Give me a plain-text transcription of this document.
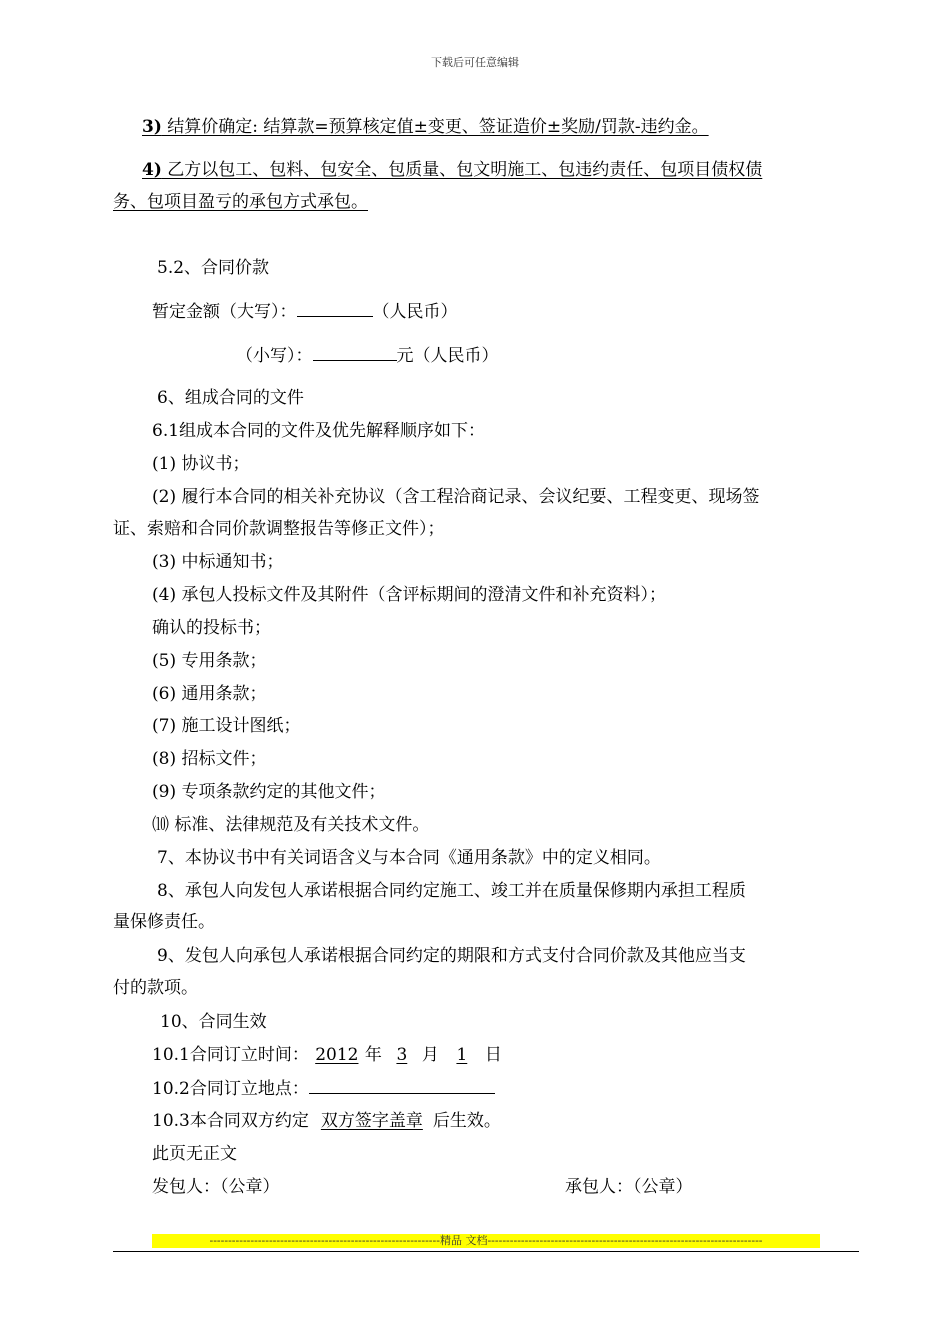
下载后可任意编辑
3) 结算价确定: 结算款=预算核定值±变更、签证造价±奖励/罚款-违约金。
4) 乙方以包工、包料、包安全、包质量、包文明施工、包违约责任、包项目债权债
务、包项目盈亏的承包方式承包。
5.2、合同价款
暂定金额（大写）：	（人民币）
（小写）：	元（人民币）
6、组成合同的文件
6.1组成本合同的文件及优先解释顺序如下：
(1) 协议书；
(2) 履行本合同的相关补充协议（含工程洽商记录、会议纪要、工程变更、现场签
证、索赔和合同价款调整报告等修正文件）；
(3) 中标通知书；
(4) 承包人投标文件及其附件（含评标期间的澄清文件和补充资料）；
确认的投标书；
(5) 专用条款；
(6) 通用条款；
(7) 施工设计图纸；
(8) 招标文件；
(9) 专项条款约定的其他文件；
⑽ 标准、法律规范及有关技术文件。
7、本协议书中有关词语含义与本合同《通用条款》中的定义相同。
8、承包人向发包人承诺根据合同约定施工、竣工并在质量保修期内承担工程质
量保修责任。
9、发包人向承包人承诺根据合同约定的期限和方式支付合同价款及其他应当支
付的款项。
10、合同生效
10.1合同订立时间： 2012 年 3 月 1 日
10.2合同订立地点：
10.3本合同双方约定 双方签字盖章 后生效。
此页无正文
发包人：（公章）	承包人：（公章）
--------------------------------------------------------------精品 文档--------------------------------------------------------------------------
